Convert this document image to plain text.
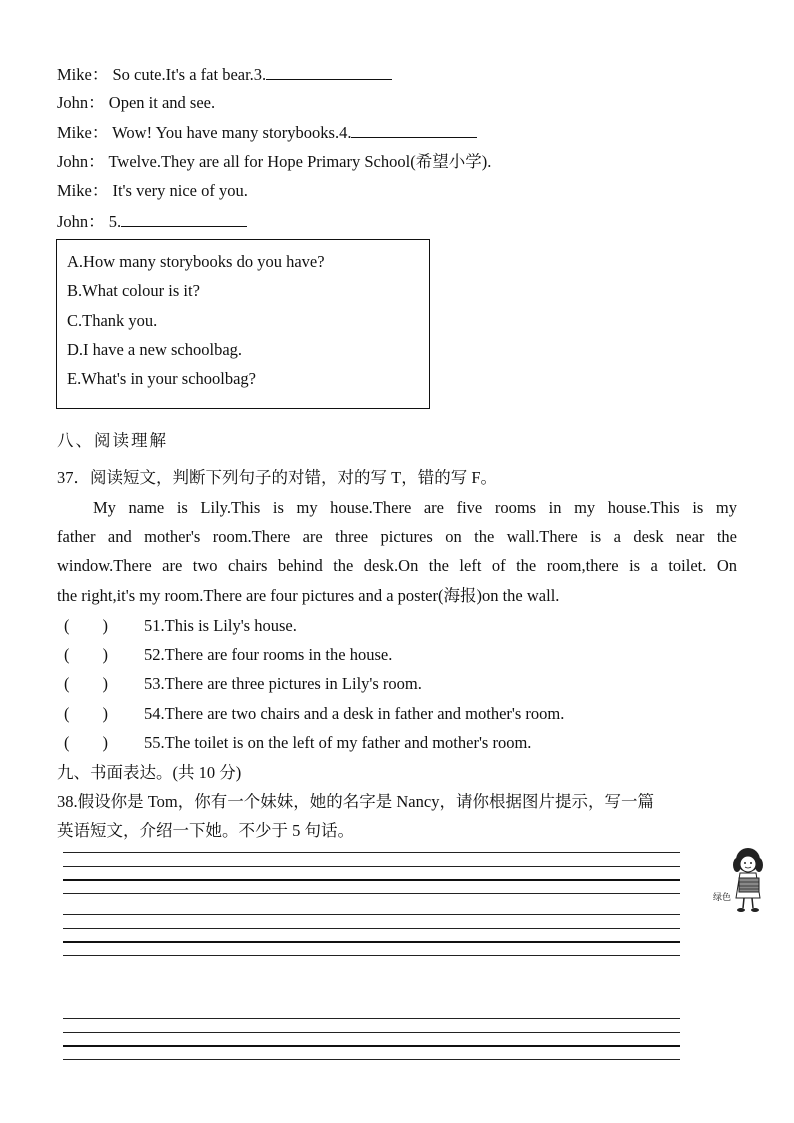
Mike： So cute.It's a fat bear.3.
John： Open it and see.
Mike： Wow! You have many storybooks.4.
John： Twelve.They are all for Hope Primary School(希望小学).
Mike： It's very nice of you.
John： 5.
A.How many storybooks do you have?
B.What colour is it?
C.Thank you.
D.I have a new schoolbag.
E.What's in your schoolbag?
八、阅读理解
37．阅读短文，判断下列句子的对错，对的写 T，错的写 F。
My name is Lily.This is my house.There are five rooms in my house.This is my
father and mother's room.There are three pictures on the wall.There is a desk near the
window.There are two chairs behind the desk.On the left of the room,there is a toilet. On
the right,it's my room.There are four pictures and a poster(海报)on the wall.
(　　) 51.This is Lily's house.
(　　) 52.There are four rooms in the house.
(　　) 53.There are three pictures in Lily's room.
(　　) 54.There are two chairs and a desk in father and mother's room.
(　　) 55.The toilet is on the left of my father and mother's room.
九、书面表达。(共 10 分)
38.假设你是 Tom，你有一个妹妹，她的名字是 Nancy，请你根据图片提示，写一篇
英语短文，介绍一下她。不少于 5 句话。
绿色
